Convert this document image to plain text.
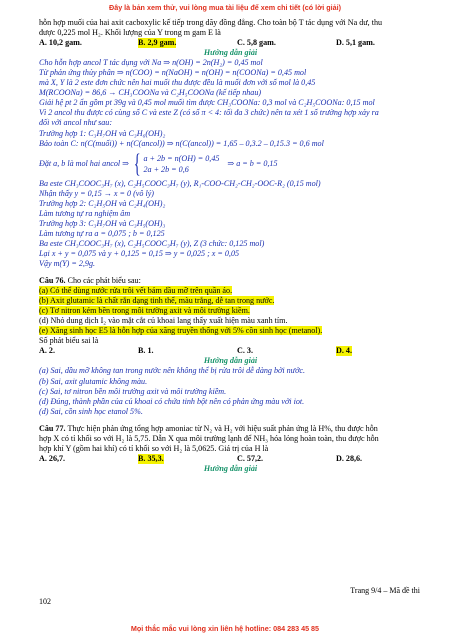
Đây là bản xem thử, vui lòng mua tài liệu để xem chi tiết (có lời giải)
hỗn hợp muối của hai axit cacboxylic kế tiếp trong dãy đồng đẳng. Cho toàn bộ T tác dụng với Na dư, thu
được 0,225 mol H₂. Khối lượng của Y trong m gam E là
A. 10,2 gam.	B. 2,9 gam.	C. 5,8 gam.	D. 5,1 gam.
Hướng dẫn giải
Cho hỗn hợp ancol T tác dụng với Na ⇒ n(OH) = 2n(H₂) = 0,45 mol
Từ phản ứng thủy phân ⇒ n(COO) = n(NaOH) = n(OH) = n(COONa) = 0,45 mol
mà X, Y là 2 este đơn chức nên hai muối thu được đều là muối đơn với số mol là 0,45
M(RCOONa) = 86,6 → CH₃COONa và C₂H₅COONa (kế tiếp nhau)
Giải hệ pt 2 ẩn gồm pt 39g và 0,45 mol muối tìm được CH₃COONa: 0,3 mol và C₂H₅COONa: 0,15 mol
Vì 2 ancol thu được có cùng số C và este Z (có số π < 4: tối đa 3 chức) nên ta xét 1 số trường hợp xảy ra
đối với ancol như sau:
Trường hợp 1: C₃H₇OH và C₃H₆(OH)₂
Bảo toàn C: n(C(muối)) + n(C(ancol)) ⇒ n(C(ancol)) = 1,65 – 0,3.2 – 0,15.3 = 0,6 mol
Đặt a, b là mol hai ancol ⇒ { a + 2b = n(OH) = 0,45
2a + 2b = 0,6
⇒ a = b = 0,15
Ba este CH₃COOC₃H₇ (x), C₂H₅COOC₃H₇ (y), R₁-COO-CH₂-CH₂-OOC-R₂ (0,15 mol)
Nhận thấy y = 0,15 → x = 0 (vô lý)
Trường hợp 2: C₂H₅OH và C₂H₄(OH)₂
Làm tương tự ra nghiệm âm
Trường hợp 3: C₃H₇OH và C₃H₅(OH)₃
Làm tương tự ra a = 0,075 ; b = 0,125
Ba este CH₃COOC₃H₇ (x), C₂H₅COOC₃H₇ (y), Z (3 chức: 0,125 mol)
Lại x + y = 0,075 và y + 0,125 = 0,15 ⇒ y = 0,025 ; x = 0,05
Vậy m(Y) = 2,9g.
Câu 76. Cho các phát biểu sau:
(a) Có thể dùng nước rửa trôi vết bám dầu mỡ trên quần áo.
(b) Axit glutamic là chất rắn dạng tinh thể, màu trắng, dễ tan trong nước.
(c) Tơ nitron kém bền trong môi trường axit và môi trường kiềm.
(d) Nhỏ dung dịch I₂ vào mặt cắt củ khoai lang thấy xuất hiện màu xanh tím.
(e) Xăng sinh học E5 là hỗn hợp của xăng truyền thống với 5% cồn sinh học (metanol).
Số phát biểu sai là
A. 2.	B. 1.	C. 3.	D. 4.
Hướng dẫn giải
(a) Sai, dầu mỡ không tan trong nước nên không thể bị rửa trôi dễ dàng bởi nước.
(b) Sai, axit glutamic không màu.
(c) Sai, tơ nitron bền môi trường axit và môi trường kiềm.
(d) Đúng, thành phần của củ khoai có chứa tinh bột nên có phản ứng màu với iot.
(d) Sai, cồn sinh học etanol 5%.
Câu 77. Thực hiện phản ứng tổng hợp amoniac từ N₂ và H₂ với hiệu suất phản ứng là H%, thu được hỗn
hợp X có tỉ khối so với H₂ là 5,75. Dẫn X qua môi trường lạnh để NH₃ hóa lỏng hoàn toàn, thu được hỗn
hợp khí Y (gồm hai khí) có tỉ khối so với H₂ là 5,0625. Giá trị của H là
A. 26,7.	B. 35,3.	C. 57,2.	D. 28,6.
Hướng dẫn giải
Trang 9/4 – Mã đề thi
102
Mọi thắc mắc vui lòng xin liên hệ hotline: 084 283 45 85
